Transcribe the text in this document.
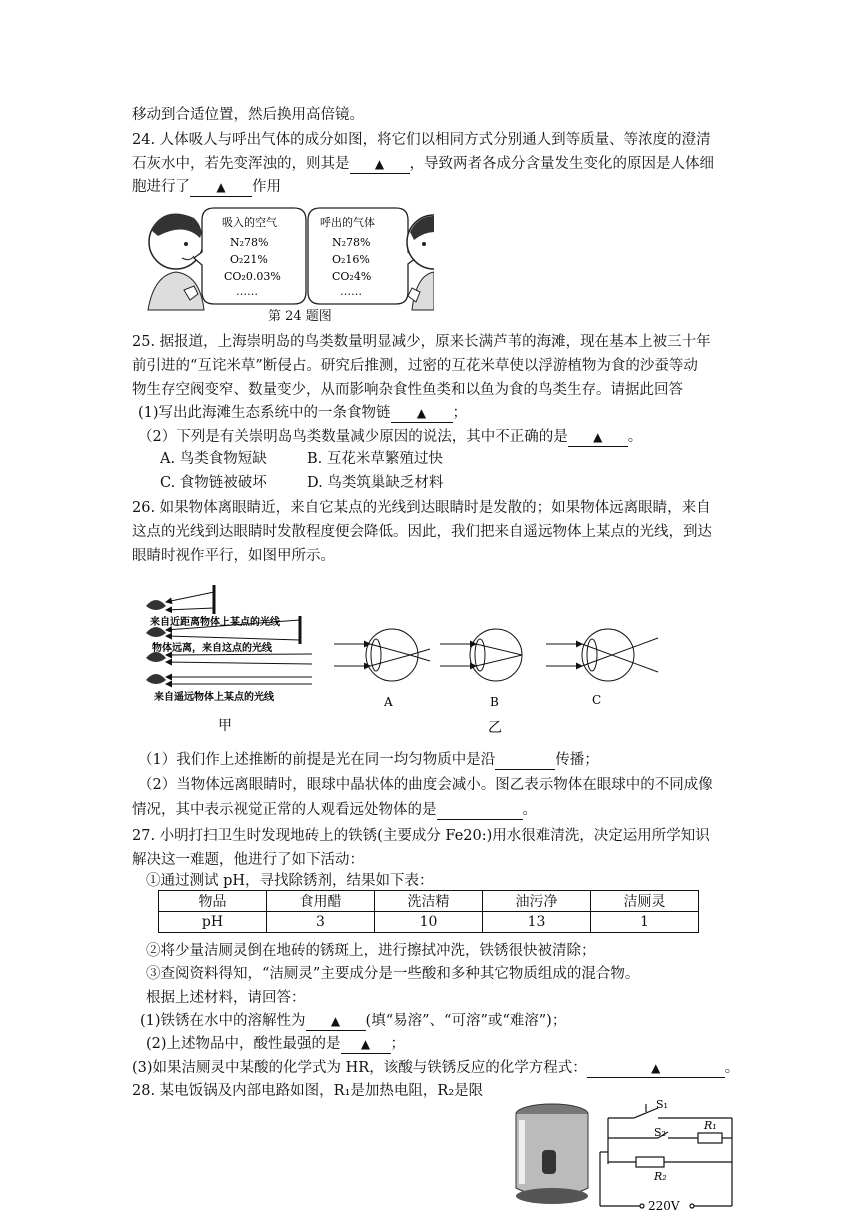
移动到合适位置，然后换用高倍镜。
24. 人体吸人与呼出气体的成分如图，将它们以相同方式分别通人到等质量、等浓度的澄清
石灰水中，若先变浑浊的，则其是 ▲ ，导致两者各成分含量发生变化的原因是人体细
胞进行了 ▲ 作用
吸入的空气
N₂78%
O₂21%
CO₂0.03%
……
呼出的气体
N₂78%
O₂16%
CO₂4%
……
第 24 题图
25. 据报道，上海崇明岛的鸟类数量明显减少，原来长满芦苇的海滩，现在基本上被三十年
前引进的“互诧米草”断侵占。研究后推测，过密的互花米草使以浮游植物为食的沙蚕等动
物生存空阀变窄、数量变少，从而影响杂食性鱼类和以鱼为食的鸟类生存。请据此回答
(1)写出此海滩生态系统中的一条食物链 ▲ ；
（2）下列是有关崇明岛鸟类数量减少原因的说法，其中不正确的是 ▲ 。
A. 鸟类食物短缺	B. 互花米草繁殖过快
C. 食物链被破坏	D. 鸟类筑巢缺乏材料
26. 如果物体离眼睛近，来自它某点的光线到达眼睛时是发散的；如果物体远离眼睛，来自
这点的光线到达眼睛时发散程度便会降低。因此，我们把来自遥远物体上某点的光线，到达
眼睛时视作平行，如图甲所示。
来自近距离物体上某点的光线
物体远离，来自这点的光线
来自遥远物体上某点的光线
甲
A	B	C
乙
（1）我们作上述推断的前提是光在同一均匀物质中是沿	传播；
（2）当物体远离眼睛时，眼球中晶状体的曲度会减小。图乙表示物体在眼球中的不同成像
情况，其中表示视觉正常的人观看远处物体的是	。
27. 小明打扫卫生时发现地砖上的铁锈(主要成分 Fe20:)用水很难清洗，决定运用所学知识
解决这一难题，他进行了如下活动：
①通过测试 pH，寻找除锈剂，结果如下表：
物品	食用醋	洗洁精	油污净	洁厕灵
pH	3	10	13	1
②将少量洁厕灵倒在地砖的锈斑上，进行擦拭冲洗，铁锈很快被清除；
③查阅资料得知，“洁厕灵”主要成分是一些酸和多种其它物质组成的混合物。
根据上述材料，请回答：
(1)铁锈在水中的溶解性为 ▲ (填“易溶”、“可溶”或“难溶”)；
(2)上述物品中，酸性最强的是 ▲ ；
(3)如果洁厕灵中某酸的化学式为 HR，该酸与铁锈反应的化学方程式：	▲	。
28. 某电饭锅及内部电路如图，R₁是加热电阻，R₂是限
S₁
S₂
R₁
R₂
220V
